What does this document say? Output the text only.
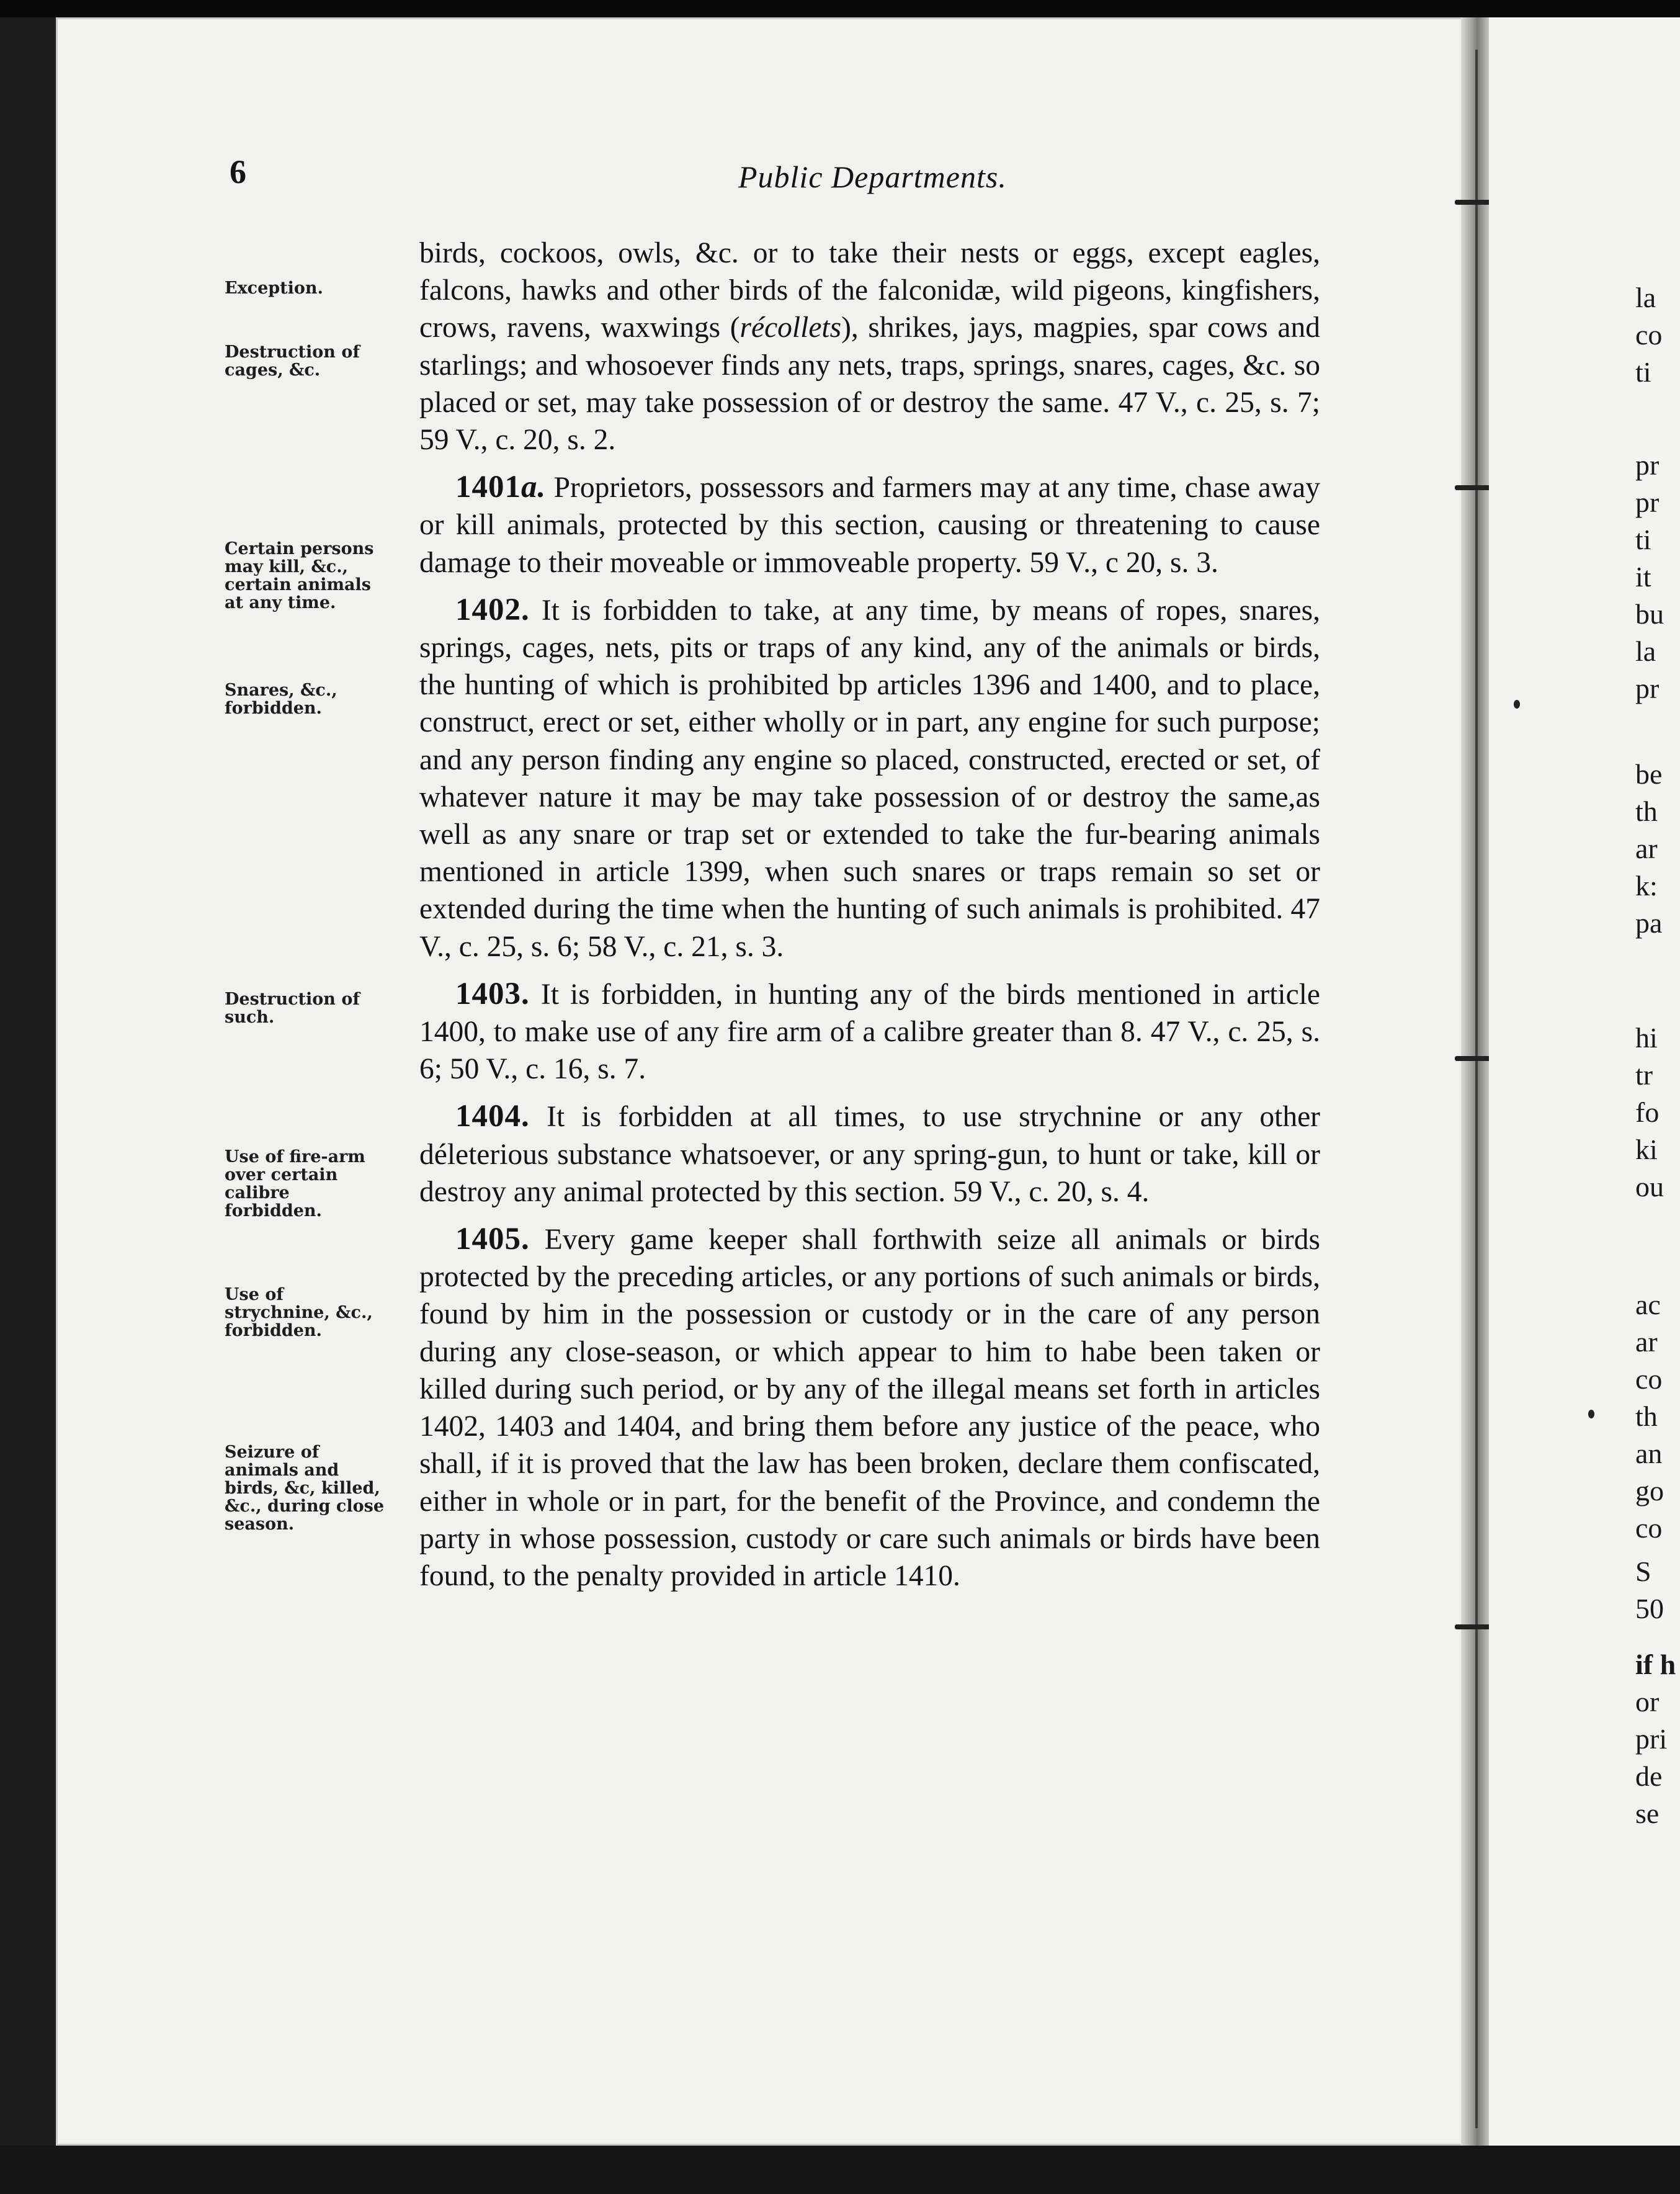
6	Public Departments.
Exception.
Destruction of cages, &c.
Certain persons may kill, &c., certain animals at any time.
Snares, &c., forbidden.
Destruction of such.
Use of fire-arm over certain calibre forbidden.
Use of strychnine, &c., forbidden.
Seizure of animals and birds, &c, killed, &c., during close season.

birds, cockoos, owls, &c. or to take their nests or eggs, except eagles, falcons, hawks and other birds of the falconidæ, wild pigeons, kingfishers, crows, ravens, waxwings (récollets), shrikes, jays, magpies, spar cows and starlings; and whosoever finds any nets, traps, springs, snares, cages, &c. so placed or set, may take possession of or destroy the same. 47 V., c. 25, s. 7; 59 V., c. 20, s. 2.

1401a. Proprietors, possessors and farmers may at any time, chase away or kill animals, protected by this section, causing or threatening to cause damage to their moveable or immoveable property. 59 V., c 20, s. 3.

1402. It is forbidden to take, at any time, by means of ropes, snares, springs, cages, nets, pits or traps of any kind, any of the animals or birds, the hunting of which is prohibited bp articles 1396 and 1400, and to place, construct, erect or set, either wholly or in part, any engine for such purpose; and any person finding any engine so placed, constructed, erected or set, of whatever nature it may be may take possession of or destroy the same,as well as any snare or trap set or extended to take the fur-bearing animals mentioned in article 1399, when such snares or traps remain so set or extended during the time when the hunting of such animals is prohibited. 47 V., c. 25, s. 6; 58 V., c. 21, s. 3.

1403. It is forbidden, in hunting any of the birds mentioned in article 1400, to make use of any fire arm of a calibre greater than 8. 47 V., c. 25, s. 6; 50 V., c. 16, s. 7.

1404. It is forbidden at all times, to use strychnine or any other déleterious substance whatsoever, or any spring-gun, to hunt or take, kill or destroy any animal protected by this section. 59 V., c. 20, s. 4.

1405. Every game keeper shall forthwith seize all animals or birds protected by the preceding articles, or any portions of such animals or birds, found by him in the possession or custody or in the care of any person during any close-season, or which appear to him to habe been taken or killed during such period, or by any of the illegal means set forth in articles 1402, 1403 and 1404, and bring them before any justice of the peace, who shall, if it is proved that the law has been broken, declare them confiscated, either in whole or in part, for the benefit of the Province, and condemn the party in whose possession, custody or care such animals or birds have been found, to the penalty provided in article 1410.

la
co
ti
pr
pr
ti
it
bu
la
pr
be
th
ar
k:
pa
hi
tr
fo
ki
ou
ac
ar
co
th
an
go
co
S
50
if h
or
pri
de
se
